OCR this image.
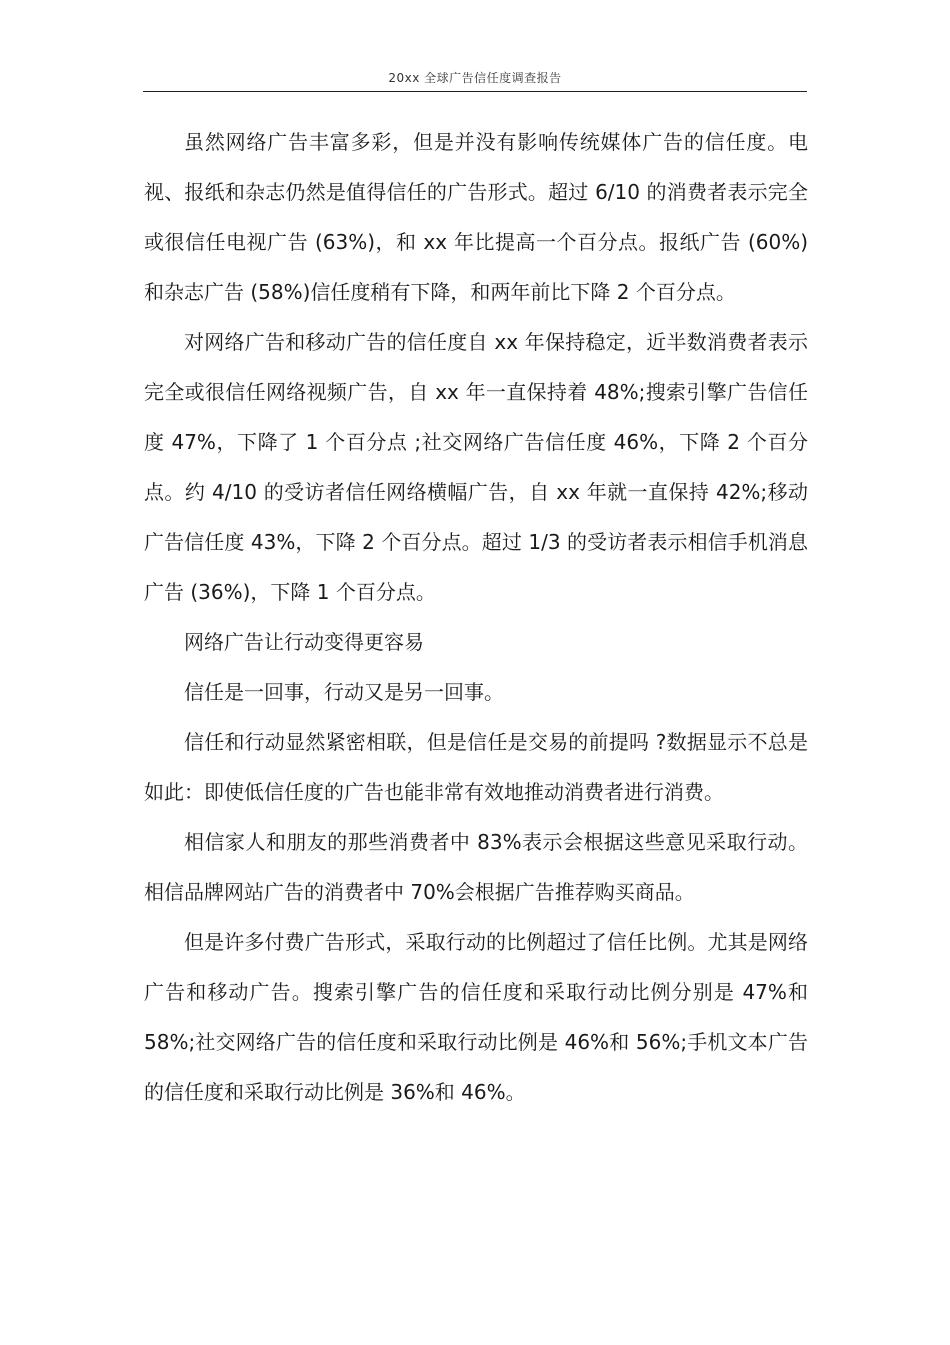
20xx 全球广告信任度调查报告

虽然网络广告丰富多彩，但是并没有影响传统媒体广告的信任度。电视、报纸和杂志仍然是值得信任的广告形式。超过 6/10 的消费者表示完全或很信任电视广告 (63%)，和 xx 年比提高一个百分点。报纸广告 (60%)和杂志广告 (58%)信任度稍有下降，和两年前比下降 2 个百分点。

对网络广告和移动广告的信任度自 xx 年保持稳定，近半数消费者表示完全或很信任网络视频广告，自 xx 年一直保持着 48%;搜索引擎广告信任度 47%，下降了 1 个百分点 ;社交网络广告信任度 46%，下降 2 个百分点。约 4/10 的受访者信任网络横幅广告，自 xx 年就一直保持 42%;移动广告信任度 43%，下降 2 个百分点。超过 1/3 的受访者表示相信手机消息广告 (36%)，下降 1 个百分点。

网络广告让行动变得更容易

信任是一回事，行动又是另一回事。

信任和行动显然紧密相联，但是信任是交易的前提吗 ?数据显示不总是如此：即使低信任度的广告也能非常有效地推动消费者进行消费。

相信家人和朋友的那些消费者中 83%表示会根据这些意见采取行动。相信品牌网站广告的消费者中 70%会根据广告推荐购买商品。

但是许多付费广告形式，采取行动的比例超过了信任比例。尤其是网络广告和移动广告。搜索引擎广告的信任度和采取行动比例分别是 47%和 58%;社交网络广告的信任度和采取行动比例是 46%和 56%;手机文本广告的信任度和采取行动比例是 36%和 46%。
